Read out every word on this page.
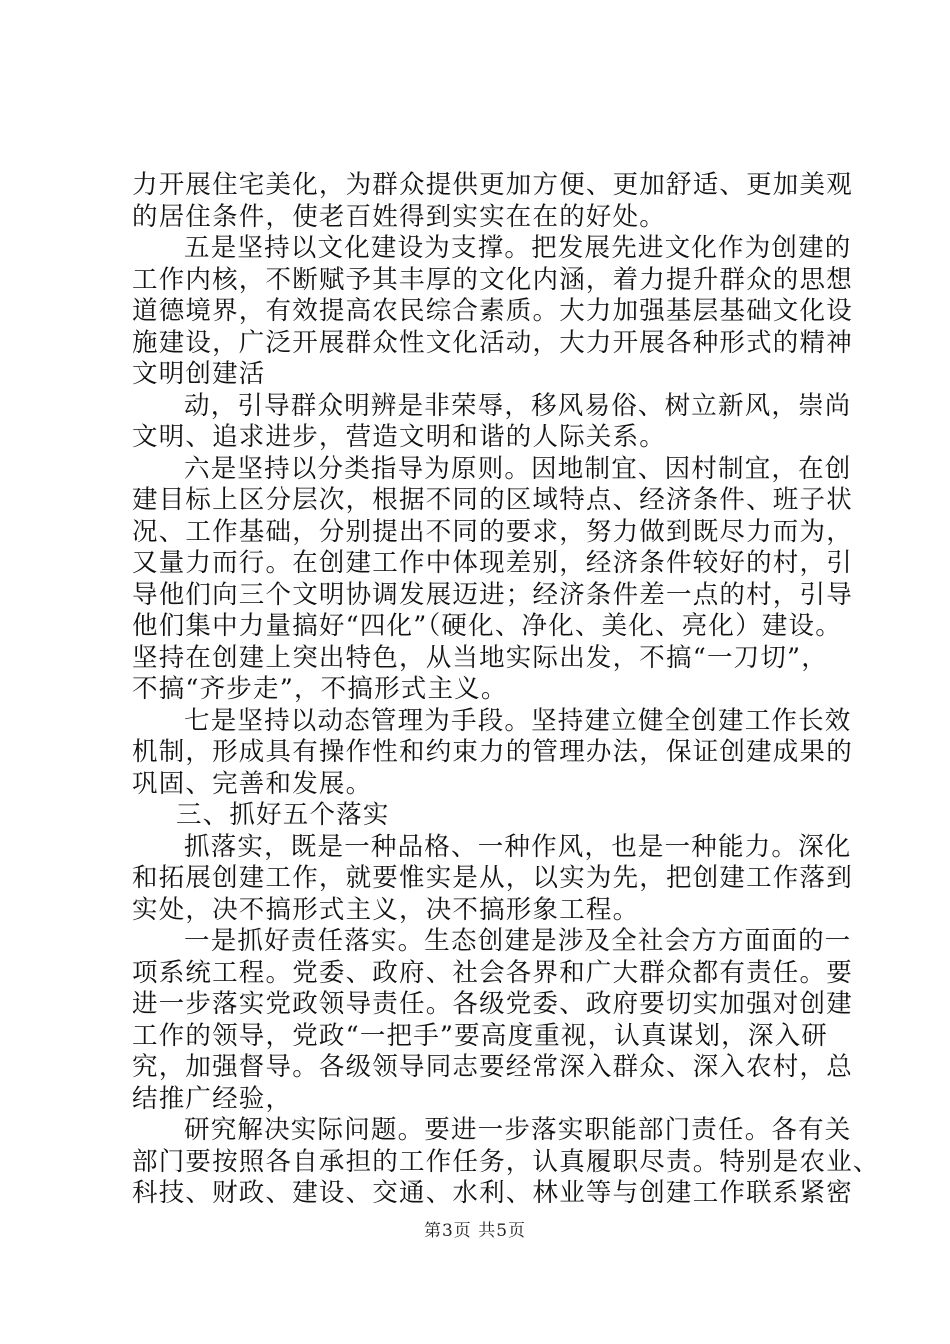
力开展住宅美化，为群众提供更加方便、更加舒适、更加美观
的居住条件，使老百姓得到实实在在的好处。
五是坚持以文化建设为支撑。把发展先进文化作为创建的
工作内核，不断赋予其丰厚的文化内涵，着力提升群众的思想
道德境界，有效提高农民综合素质。大力加强基层基础文化设
施建设，广泛开展群众性文化活动，大力开展各种形式的精神
文明创建活
动，引导群众明辨是非荣辱，移风易俗、树立新风，崇尚
文明、追求进步，营造文明和谐的人际关系。
六是坚持以分类指导为原则。因地制宜、因村制宜，在创
建目标上区分层次，根据不同的区域特点、经济条件、班子状
况、工作基础，分别提出不同的要求，努力做到既尽力而为，
又量力而行。在创建工作中体现差别，经济条件较好的村，引
导他们向三个文明协调发展迈进；经济条件差一点的村，引导
他们集中力量搞好“四化”（硬化、净化、美化、亮化）建设。
坚持在创建上突出特色，从当地实际出发，不搞“一刀切”，
不搞“齐步走”，不搞形式主义。
七是坚持以动态管理为手段。坚持建立健全创建工作长效
机制，形成具有操作性和约束力的管理办法，保证创建成果的
巩固、完善和发展。
三、抓好五个落实
抓落实，既是一种品格、一种作风，也是一种能力。深化
和拓展创建工作，就要惟实是从，以实为先，把创建工作落到
实处，决不搞形式主义，决不搞形象工程。
一是抓好责任落实。生态创建是涉及全社会方方面面的一
项系统工程。党委、政府、社会各界和广大群众都有责任。要
进一步落实党政领导责任。各级党委、政府要切实加强对创建
工作的领导，党政“一把手”要高度重视，认真谋划，深入研
究，加强督导。各级领导同志要经常深入群众、深入农村，总
结推广经验，
研究解决实际问题。要进一步落实职能部门责任。各有关
部门要按照各自承担的工作任务，认真履职尽责。特别是农业、
科技、财政、建设、交通、水利、林业等与创建工作联系紧密
第3页 共5页
